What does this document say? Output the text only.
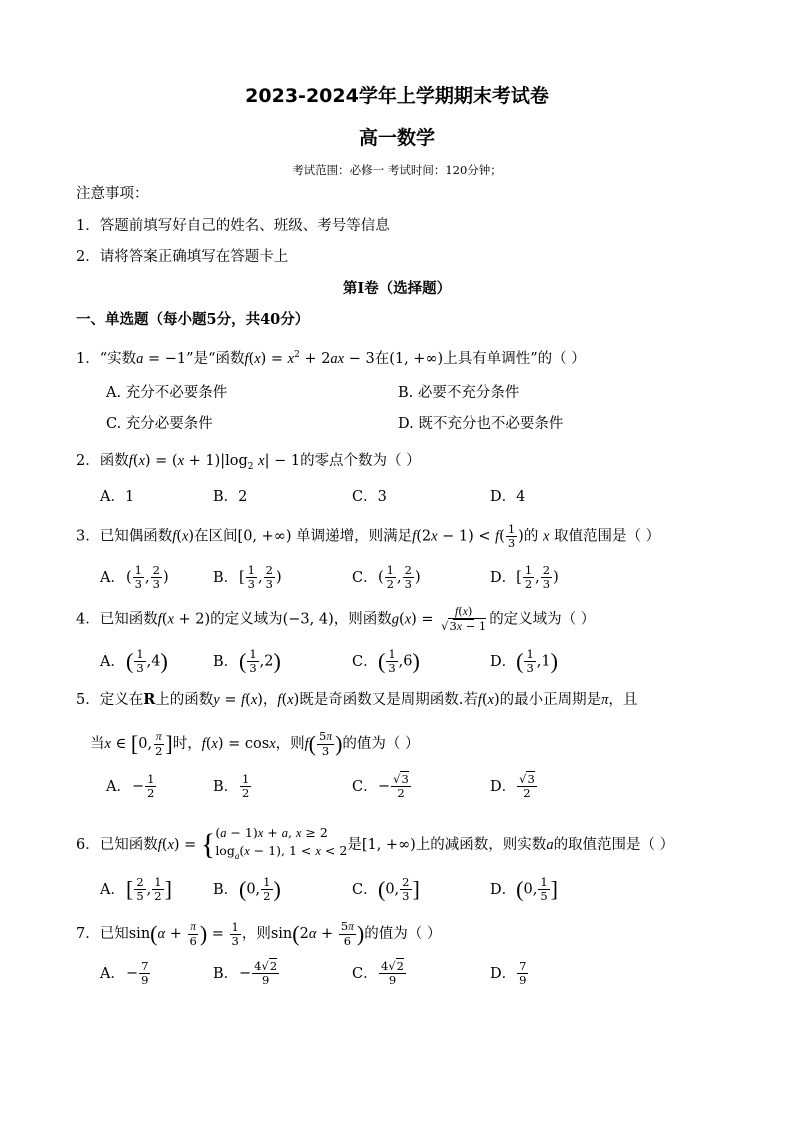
2023-2024学年上学期期末考试卷
高一数学
考试范围：必修一 考试时间：120分钟；
注意事项：
1．答题前填写好自己的姓名、班级、考号等信息
2．请将答案正确填写在答题卡上
第Ⅰ卷（选择题）
一、单选题（每小题5分，共40分）
1．“实数a = −1”是“函数$f(x) = x^2 + 2ax - 3$在(1, +∞)上具有单调性”的（ ）
A. 充分不必要条件	B. 必要不充分条件
C. 充分必要条件	D. 既不充分也不必要条件
2．函数$f(x) = (x + 1)|\log_2$ x| − 1的零点个数为（ ）
A．1	B．2	C．3	D．4
3．已知偶函数f(x)在区间[0, +∞) 单调递增，则满足$f(2x - 1) < f( \frac{1}{3}$ )的 x 取值范围是（ ）
A．( $\frac{1}{3}$ , $\frac{2}{3}$ )	B．[ $\frac{1}{3}$ , $\frac{2}{3}$ )	C．( $\frac{1}{2}$ , $\frac{2}{3}$ )	D．[ $\frac{1}{2}$ , $\frac{2}{3}$ )
4．已知函数f(x + 2)的定义域为(−3, 4)，则函数$g(x) = \frac{f(x)}{√3x - 1}$ 的定义域为（ ）
A．( $\frac{1}{3} ,4$)	B．( $\frac{1}{3} ,2$)	C．( $\frac{1}{3} ,6$)	D．( $\frac{1}{3} ,1$)
5．定义在R上的函数y = f(x)，f(x)既是奇函数又是周期函数.若f(x)的最小正周期是π，且
当x ∈ [0, $\frac{\pi}{2}$ ]时，f(x) = cosx，则$f( \frac{5\pi}{3}$ )的值为（ ）
A．− $\frac{1}{2}$	B． $\frac{1}{2}$	C．− $\frac{√3}{2}$	D． $\frac{√3}{2}$
6．已知函数f(x) = { (a − 1)x + a, x ≥ 2
$\log_a(x - 1)$, 1 < x < 2 是[1, +∞)上的减函数，则实数a的取值范围是（ ）
A．[ $\frac{2}{5}$ , $\frac{1}{2}$ ]	B．(0, $\frac{1}{2}$ )	C．(0, $\frac{2}{3}$ ]	D．(0, $\frac{1}{5}$ ]
7．已知$\sin(\alpha + \frac{\pi}{6}$ ) = $\frac{1}{3}$ ，则$\sin(2\alpha + \frac{5\pi}{6}$ )的值为（ ）
A．− $\frac{7}{9}$	B．− $\frac{4√2}{9}$	C． $\frac{4√2}{9}$	D． $\frac{7}{9}$
